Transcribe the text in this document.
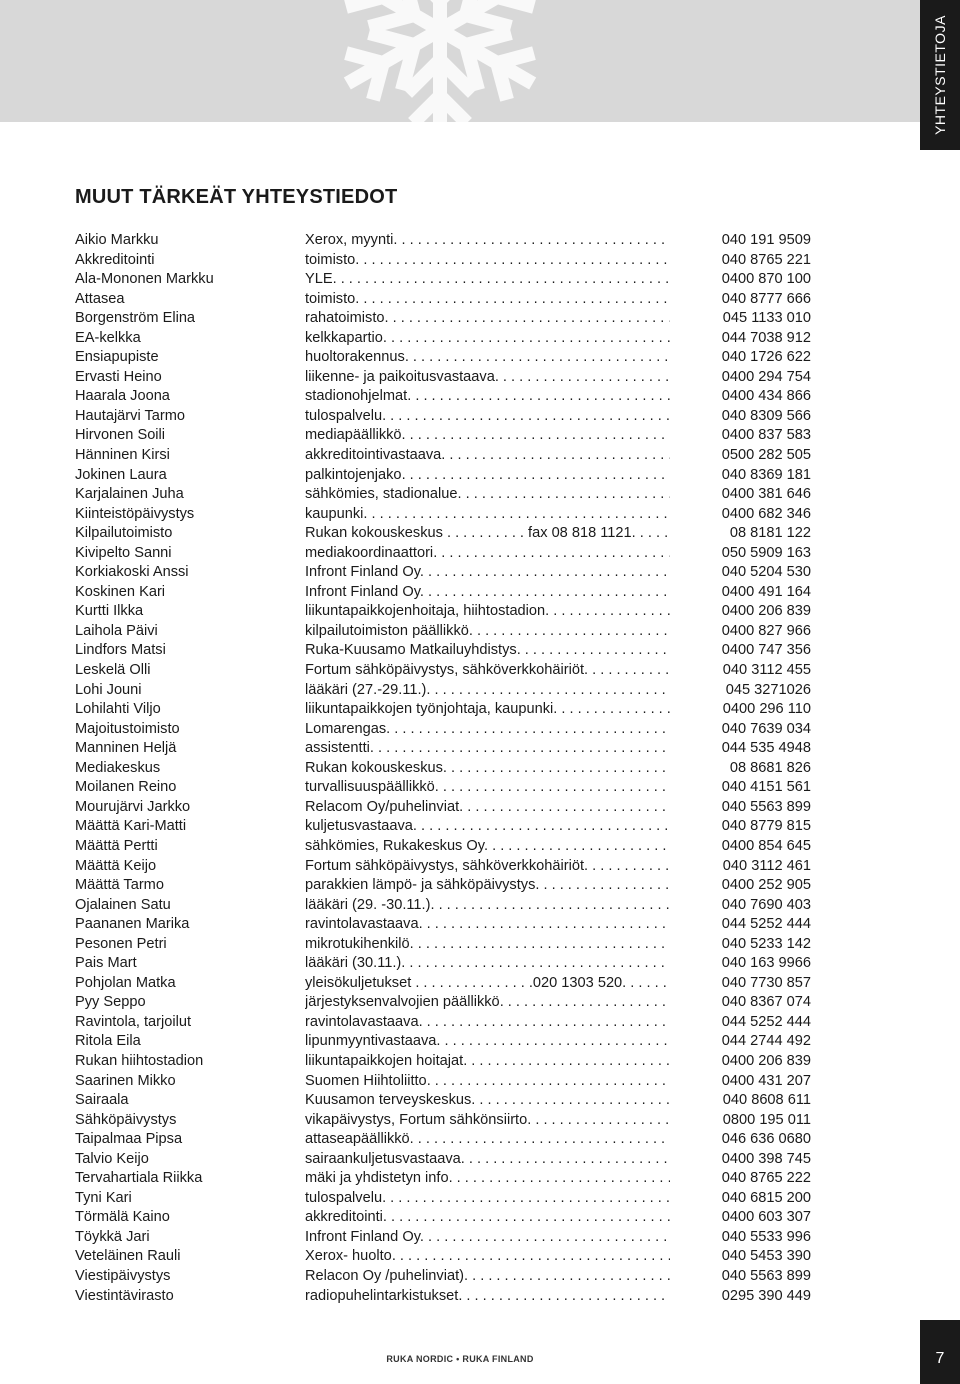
YHTEYSTIETOJA
7
MUUT TÄRKEÄT YHTEYSTIEDOT
Aikio Markku	Xerox, myynti . . .	040 191 9509
Akkreditointi	toimisto . . .	040 8765 221
Ala-Mononen Markku	YLE . . .	0400 870 100
Attasea	toimisto . . .	040 8777 666
Borgenström Elina	rahatoimisto . . .	045 1133 010
EA-kelkka	kelkkapartio . . .	044 7038 912
Ensiapupiste	huoltorakennus . . .	040 1726 622
Ervasti Heino	liikenne- ja paikoitusvastaava . . .	0400 294 754
Haarala Joona	stadionohjelmat . . .	0400 434 866
Hautajärvi Tarmo	tulospalvelu . . .	040 8309 566
Hirvonen Soili	mediapäällikkö . . .	0400 837 583
Hänninen Kirsi	akkreditointivastaava . . .	0500 282 505
Jokinen Laura	palkintojenjako . . .	040 8369 181
Karjalainen Juha	sähkömies, stadionalue . . .	0400 381 646
Kiinteistöpäivystys	kaupunki . . .	0400 682 346
Kilpailutoimisto	Rukan kokouskeskus . . . . . . . . . . fax 08 818 1121 . . .	08 8181 122
Kivipelto Sanni	mediakoordinaattori . . .	050 5909 163
Korkiakoski Anssi	Infront Finland Oy . . .	040 5204 530
Koskinen Kari	Infront Finland Oy . . .	0400 491 164
Kurtti Ilkka	liikuntapaikkojenhoitaja, hiihtostadion . . .	0400 206 839
Laihola Päivi	kilpailutoimiston päällikkö . . .	0400 827 966
Lindfors Matsi	Ruka-Kuusamo Matkailuyhdistys . . .	0400 747 356
Leskelä Olli	Fortum sähköpäivystys, sähköverkkohäiriöt . . .	040 3112 455
Lohi Jouni	lääkäri (27.-29.11.) . . .	045 3271026
Lohilahti Viljo	liikuntapaikkojen työnjohtaja, kaupunki . . .	0400 296 110
Majoitustoimisto	Lomarengas . . .	040 7639 034
Manninen Heljä	assistentti . . .	044 535 4948
Mediakeskus	Rukan kokouskeskus . . .	08 8681 826
Moilanen Reino	turvallisuuspäällikkö . . .	040 4151 561
Mourujärvi Jarkko	Relacom Oy/puhelinviat . . .	040 5563 899
Määttä Kari-Matti	kuljetusvastaava . . .	040 8779 815
Määttä Pertti	sähkömies, Rukakeskus Oy . . .	0400 854 645
Määttä Keijo	Fortum sähköpäivystys, sähköverkkohäiriöt . . .	040 3112 461
Määttä Tarmo	parakkien lämpö- ja sähköpäivystys . . .	0400 252 905
Ojalainen Satu	lääkäri (29. -30.11.) . . .	040 7690 403
Paananen Marika	ravintolavastaava . . .	044 5252 444
Pesonen Petri	mikrotukihenkilö . . .	040 5233 142
Pais Mart	lääkäri (30.11.) . . .	040 163 9966
Pohjolan Matka	yleisökuljetukset . . . . . . . . . . . . . . .020 1303 520 . . .	040 7730 857
Pyy Seppo	järjestyksenvalvojien päällikkö . . .	040 8367 074
Ravintola, tarjoilut	ravintolavastaava . . .	044 5252 444
Ritola Eila	lipunmyyntivastaava . . .	044 2744 492
Rukan hiihtostadion	liikuntapaikkojen hoitajat . . .	0400 206 839
Saarinen Mikko	Suomen Hiihtoliitto . . .	0400 431 207
Sairaala	Kuusamon terveyskeskus . . .	040 8608 611
Sähköpäivystys	vikapäivystys, Fortum sähkönsiirto . . .	0800 195 011
Taipalmaa Pipsa	attaseapäällikkö . . .	046 636 0680
Talvio Keijo	sairaankuljetusvastaava . . .	0400 398 745
Tervahartiala Riikka	mäki ja yhdistetyn info . . .	040 8765 222
Tyni Kari	tulospalvelu . . .	040 6815 200
Törmälä Kaino	akkreditointi . . .	0400 603 307
Töykkä Jari	Infront Finland Oy . . .	040 5533 996
Veteläinen Rauli	Xerox- huolto . . .	040 5453 390
Viestipäivystys	Relacon Oy /puhelinviat) . . .	040 5563 899
Viestintävirasto	radiopuhelintarkistukset . . .	0295 390 449
RUKA NORDIC • RUKA FINLAND
